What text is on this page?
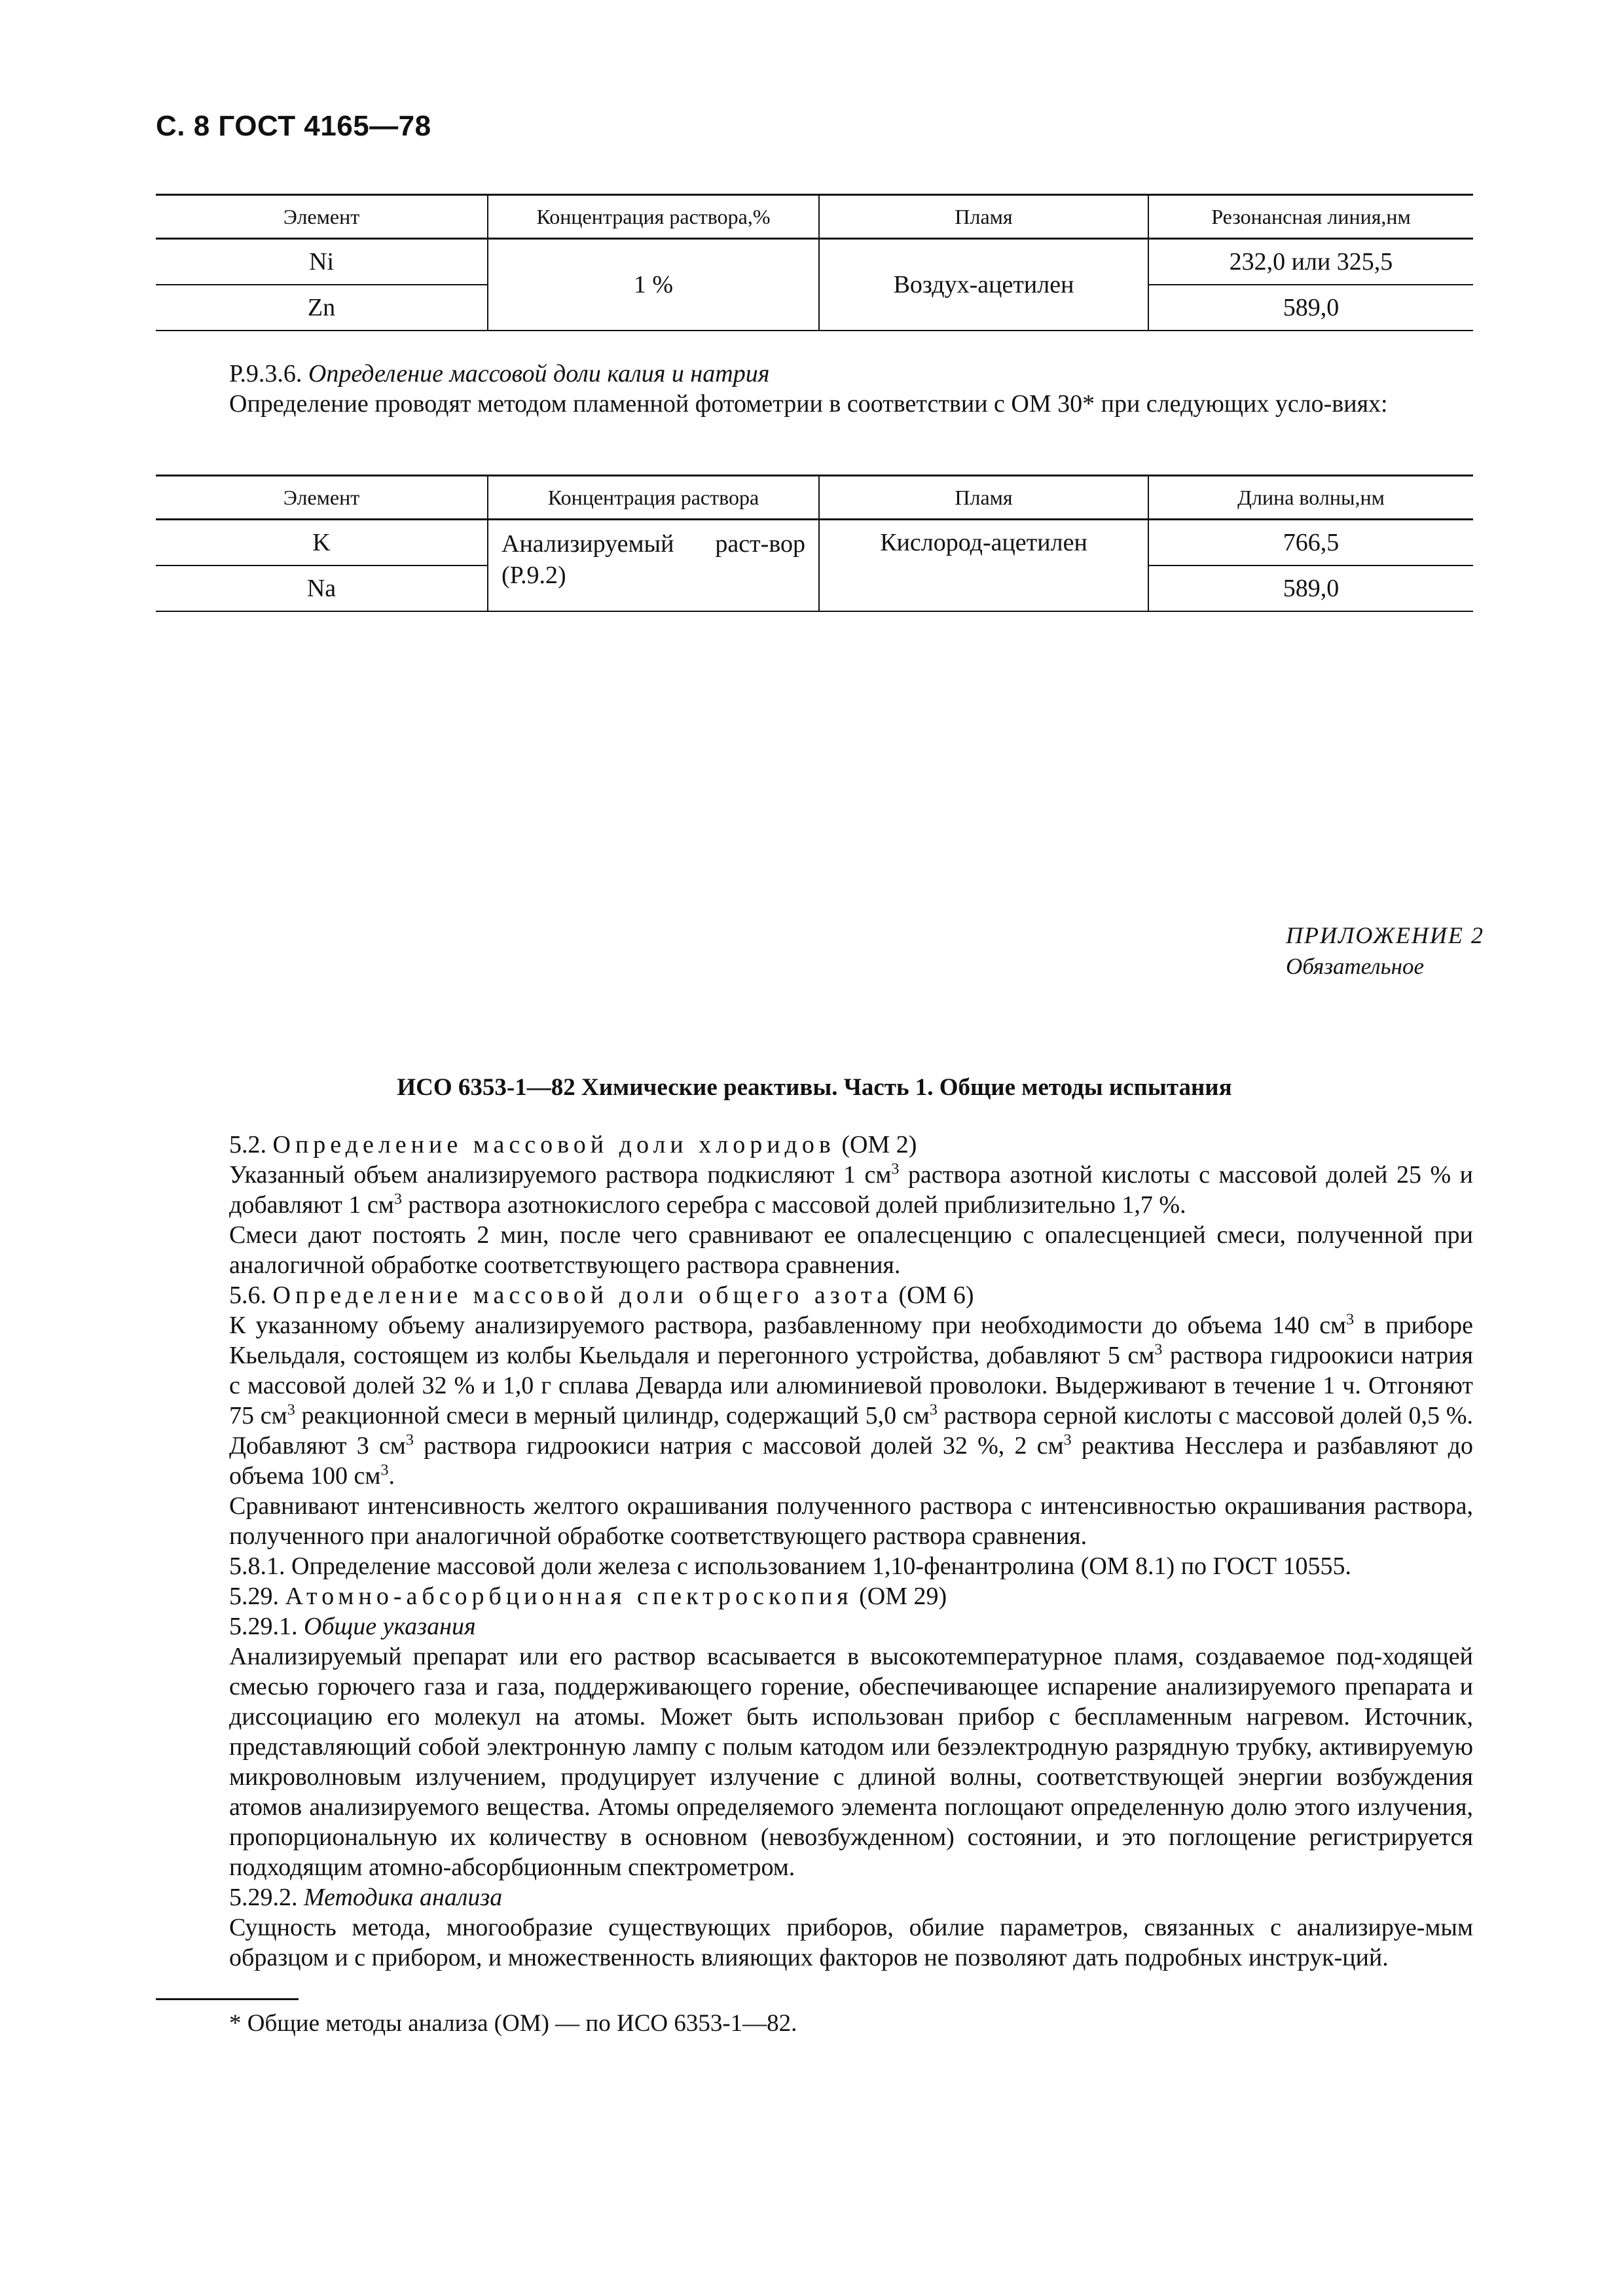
С. 8 ГОСТ 4165—78
Элемент	Концентрация раствора,%	Пламя	Резонансная линия,нм
Ni	1 %	Воздух-ацетилен	232,0 или 325,5
Zn			589,0

Р.9.3.6. Определение массовой доли калия и натрия
Определение проводят методом пламенной фотометрии в соответствии с ОМ 30* при следующих усло-виях:

Элемент	Концентрация раствора	Пламя	Длина волны,нм
K	Анализируемый раст-вор (Р.9.2)	Кислород-ацетилен	766,5
Na			589,0
ПРИЛОЖЕНИЕ 2
Обязательное
ИСО 6353-1—82 Химические реактивы. Часть 1. Общие методы испытания
5.2. Определение массовой доли хлоридов (ОМ 2)
Указанный объем анализируемого раствора подкисляют 1 $см^3$ раствора азотной кислоты с массовой долей 25 % и добавляют 1 $см^3$ раствора азотнокислого серебра с массовой долей приблизительно 1,7 %.
Смеси дают постоять 2 мин, после чего сравнивают ее опалесценцию с опалесценцией смеси, полученной при аналогичной обработке соответствующего раствора сравнения.
5.6. Определение массовой доли общего азота (ОМ 6)
К указанному объему анализируемого раствора, разбавленному при необходимости до объема 140 $см^3$ в приборе Кьельдаля, состоящем из колбы Кьельдаля и перегонного устройства, добавляют 5 $см^3$ раствора гидроокиси натрия с массовой долей 32 % и 1,0 г сплава Деварда или алюминиевой проволоки. Выдерживают в течение 1 ч. Отгоняют 75 $см^3$ реакционной смеси в мерный цилиндр, содержащий 5,0 $см^3$ раствора серной кислоты с массовой долей 0,5 %. Добавляют 3 $см^3$ раствора гидроокиси натрия с массовой долей 32 %, 2 $см^3$ реактива Несслера и разбавляют до объема 100 $см^3$.
Сравнивают интенсивность желтого окрашивания полученного раствора с интенсивностью окрашивания раствора, полученного при аналогичной обработке соответствующего раствора сравнения.
5.8.1. Определение массовой доли железа с использованием 1,10-фенантролина (ОМ 8.1) по ГОСТ 10555.
5.29. Атомно-абсорбционная спектроскопия (ОМ 29)
5.29.1. Общие указания
Анализируемый препарат или его раствор всасывается в высокотемпературное пламя, создаваемое под-ходящей смесью горючего газа и газа, поддерживающего горение, обеспечивающее испарение анализируемого препарата и диссоциацию его молекул на атомы. Может быть использован прибор с беспламенным нагревом. Источник, представляющий собой электронную лампу с полым катодом или безэлектродную разрядную трубку, активируемую микроволновым излучением, продуцирует излучение с длиной волны, соответствующей энергии возбуждения атомов анализируемого вещества. Атомы определяемого элемента поглощают определенную долю этого излучения, пропорциональную их количеству в основном (невозбужденном) состоянии, и это поглощение регистрируется подходящим атомно-абсорбционным спектрометром.
5.29.2. Методика анализа
Сущность метода, многообразие существующих приборов, обилие параметров, связанных с анализируе-мым образцом и с прибором, и множественность влияющих факторов не позволяют дать подробных инструк-ций.
* Общие методы анализа (ОМ) — по ИСО 6353-1—82.
